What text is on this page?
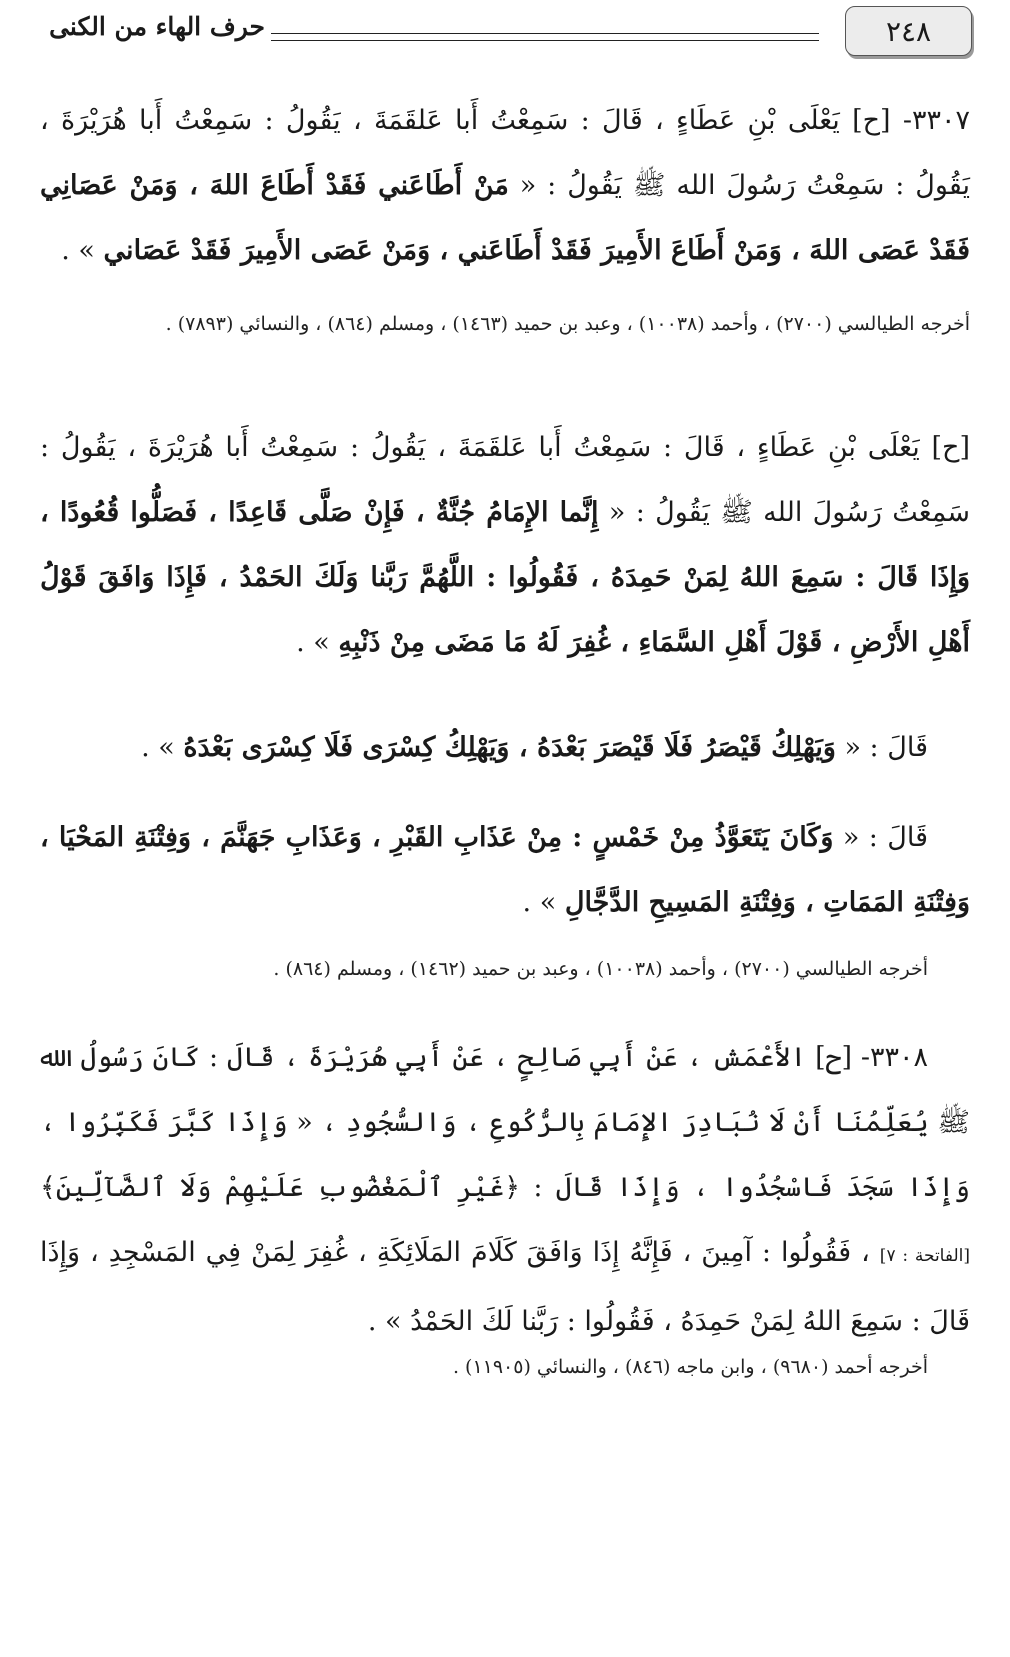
٢٤٨
حرف الهاء من الكنى
٣٣٠٧- [ح] يَعْلَى بْنِ عَطَاءٍ ، قَالَ : سَمِعْتُ أَبا عَلقَمَةَ ، يَقُولُ : سَمِعْتُ أَبا هُرَيْرَةَ ، يَقُولُ : سَمِعْتُ رَسُولَ الله ﷺ يَقُولُ : « مَنْ أَطَاعَني فَقَدْ أَطَاعَ اللهَ ، وَمَنْ عَصَانِي فَقَدْ عَصَى اللهَ ، وَمَنْ أَطَاعَ الأَمِيرَ فَقَدْ أَطَاعَني ، وَمَنْ عَصَى الأَمِيرَ فَقَدْ عَصَاني » .
أخرجه الطيالسي (٢٧٠٠) ، وأحمد (١٠٠٣٨) ، وعبد بن حميد (١٤٦٣) ، ومسلم (٨٦٤) ، والنسائي (٧٨٩٣) .
[ح] يَعْلَى بْنِ عَطَاءٍ ، قَالَ : سَمِعْتُ أَبا عَلقَمَةَ ، يَقُولُ : سَمِعْتُ أَبا هُرَيْرَةَ ، يَقُولُ : سَمِعْتُ رَسُولَ الله ﷺ يَقُولُ : « إِنَّما الإِمَامُ جُنَّةٌ ، فَإِنْ صَلَّى قَاعِدًا ، فَصَلُّوا قُعُودًا ، وَإِذَا قَالَ : سَمِعَ اللهُ لِمَنْ حَمِدَهُ ، فَقُولُوا : اللَّهُمَّ رَبَّنا وَلَكَ الحَمْدُ ، فَإِذَا وَافَقَ قَوْلُ أَهْلِ الأَرْضِ ، قَوْلَ أَهْلِ السَّمَاءِ ، غُفِرَ لَهُ مَا مَضَى مِنْ ذَنْبِهِ » .
قَالَ : « وَيَهْلِكُ قَيْصَرُ فَلَا قَيْصَرَ بَعْدَهُ ، وَيَهْلِكُ كِسْرَى فَلَا كِسْرَى بَعْدَهُ » .
قَالَ : « وَكَانَ يَتَعَوَّذُ مِنْ خَمْسٍ : مِنْ عَذَابِ القَبْرِ ، وَعَذَابِ جَهَنَّمَ ، وَفِتْنَةِ المَحْيَا ، وَفِتْنَةِ المَمَاتِ ، وَفِتْنَةِ المَسِيحِ الدَّجَّالِ » .
أخرجه الطيالسي (٢٧٠٠) ، وأحمد (١٠٠٣٨) ، وعبد بن حميد (١٤٦٢) ، ومسلم (٨٦٤) .
٣٣٠٨- [ح] الأَعْمَش ، عَنْ أَبِي صَالِحٍ ، عَنْ أَبِي هُرَيْرَةَ ، قَالَ : كَانَ رَسُولُ الله ﷺ يُعَلِّمُنَا أَنْ لَا نُبَادِرَ الإِمَامَ بِالرُّكُوعِ ، وَالسُّجُودِ ، « وَإِذَا كَبَّرَ فَكَبِّرُوا ، وَإِذَا سَجَدَ فَاسْجُدُوا ، وَإِذَا قَالَ : ﴿غَيْرِ ٱلْمَغْضُوبِ عَلَيْهِمْ وَلَا ٱلضَّآلِّينَ﴾ [الفاتحة : ٧] ، فَقُولُوا : آمِينَ ، فَإِنَّهُ إِذَا وَافَقَ كَلَامَ المَلَائِكَةِ ، غُفِرَ لِمَنْ فِي المَسْجِدِ ، وَإِذَا قَالَ : سَمِعَ اللهُ لِمَنْ حَمِدَهُ ، فَقُولُوا : رَبَّنا لَكَ الحَمْدُ » .
أخرجه أحمد (٩٦٨٠) ، وابن ماجه (٨٤٦) ، والنسائي (١١٩٠٥) .
